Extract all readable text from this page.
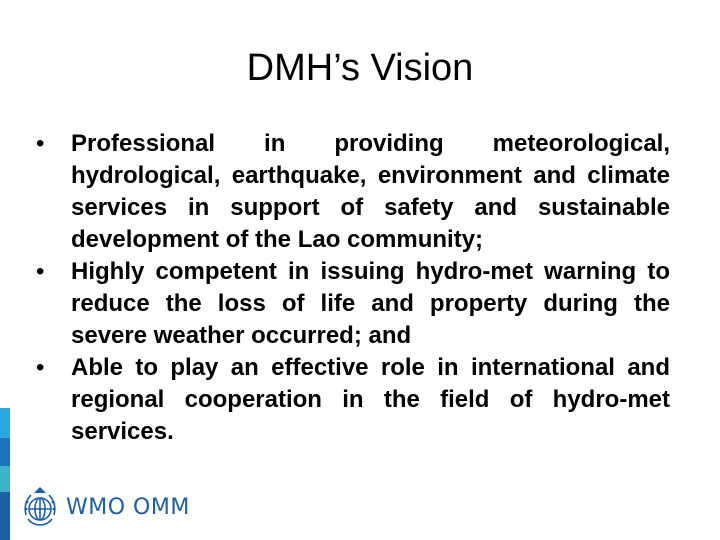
DMH’s Vision
•	Professional in providing meteorological, hydrological, earthquake, environment and climate services in support of safety and sustainable development of the Lao community;
•	Highly competent in issuing hydro-met warning to reduce the loss of life and property during the severe weather occurred; and
•	Able to play an effective role in international and regional cooperation in the field of hydro-met services.
WMO OMM
